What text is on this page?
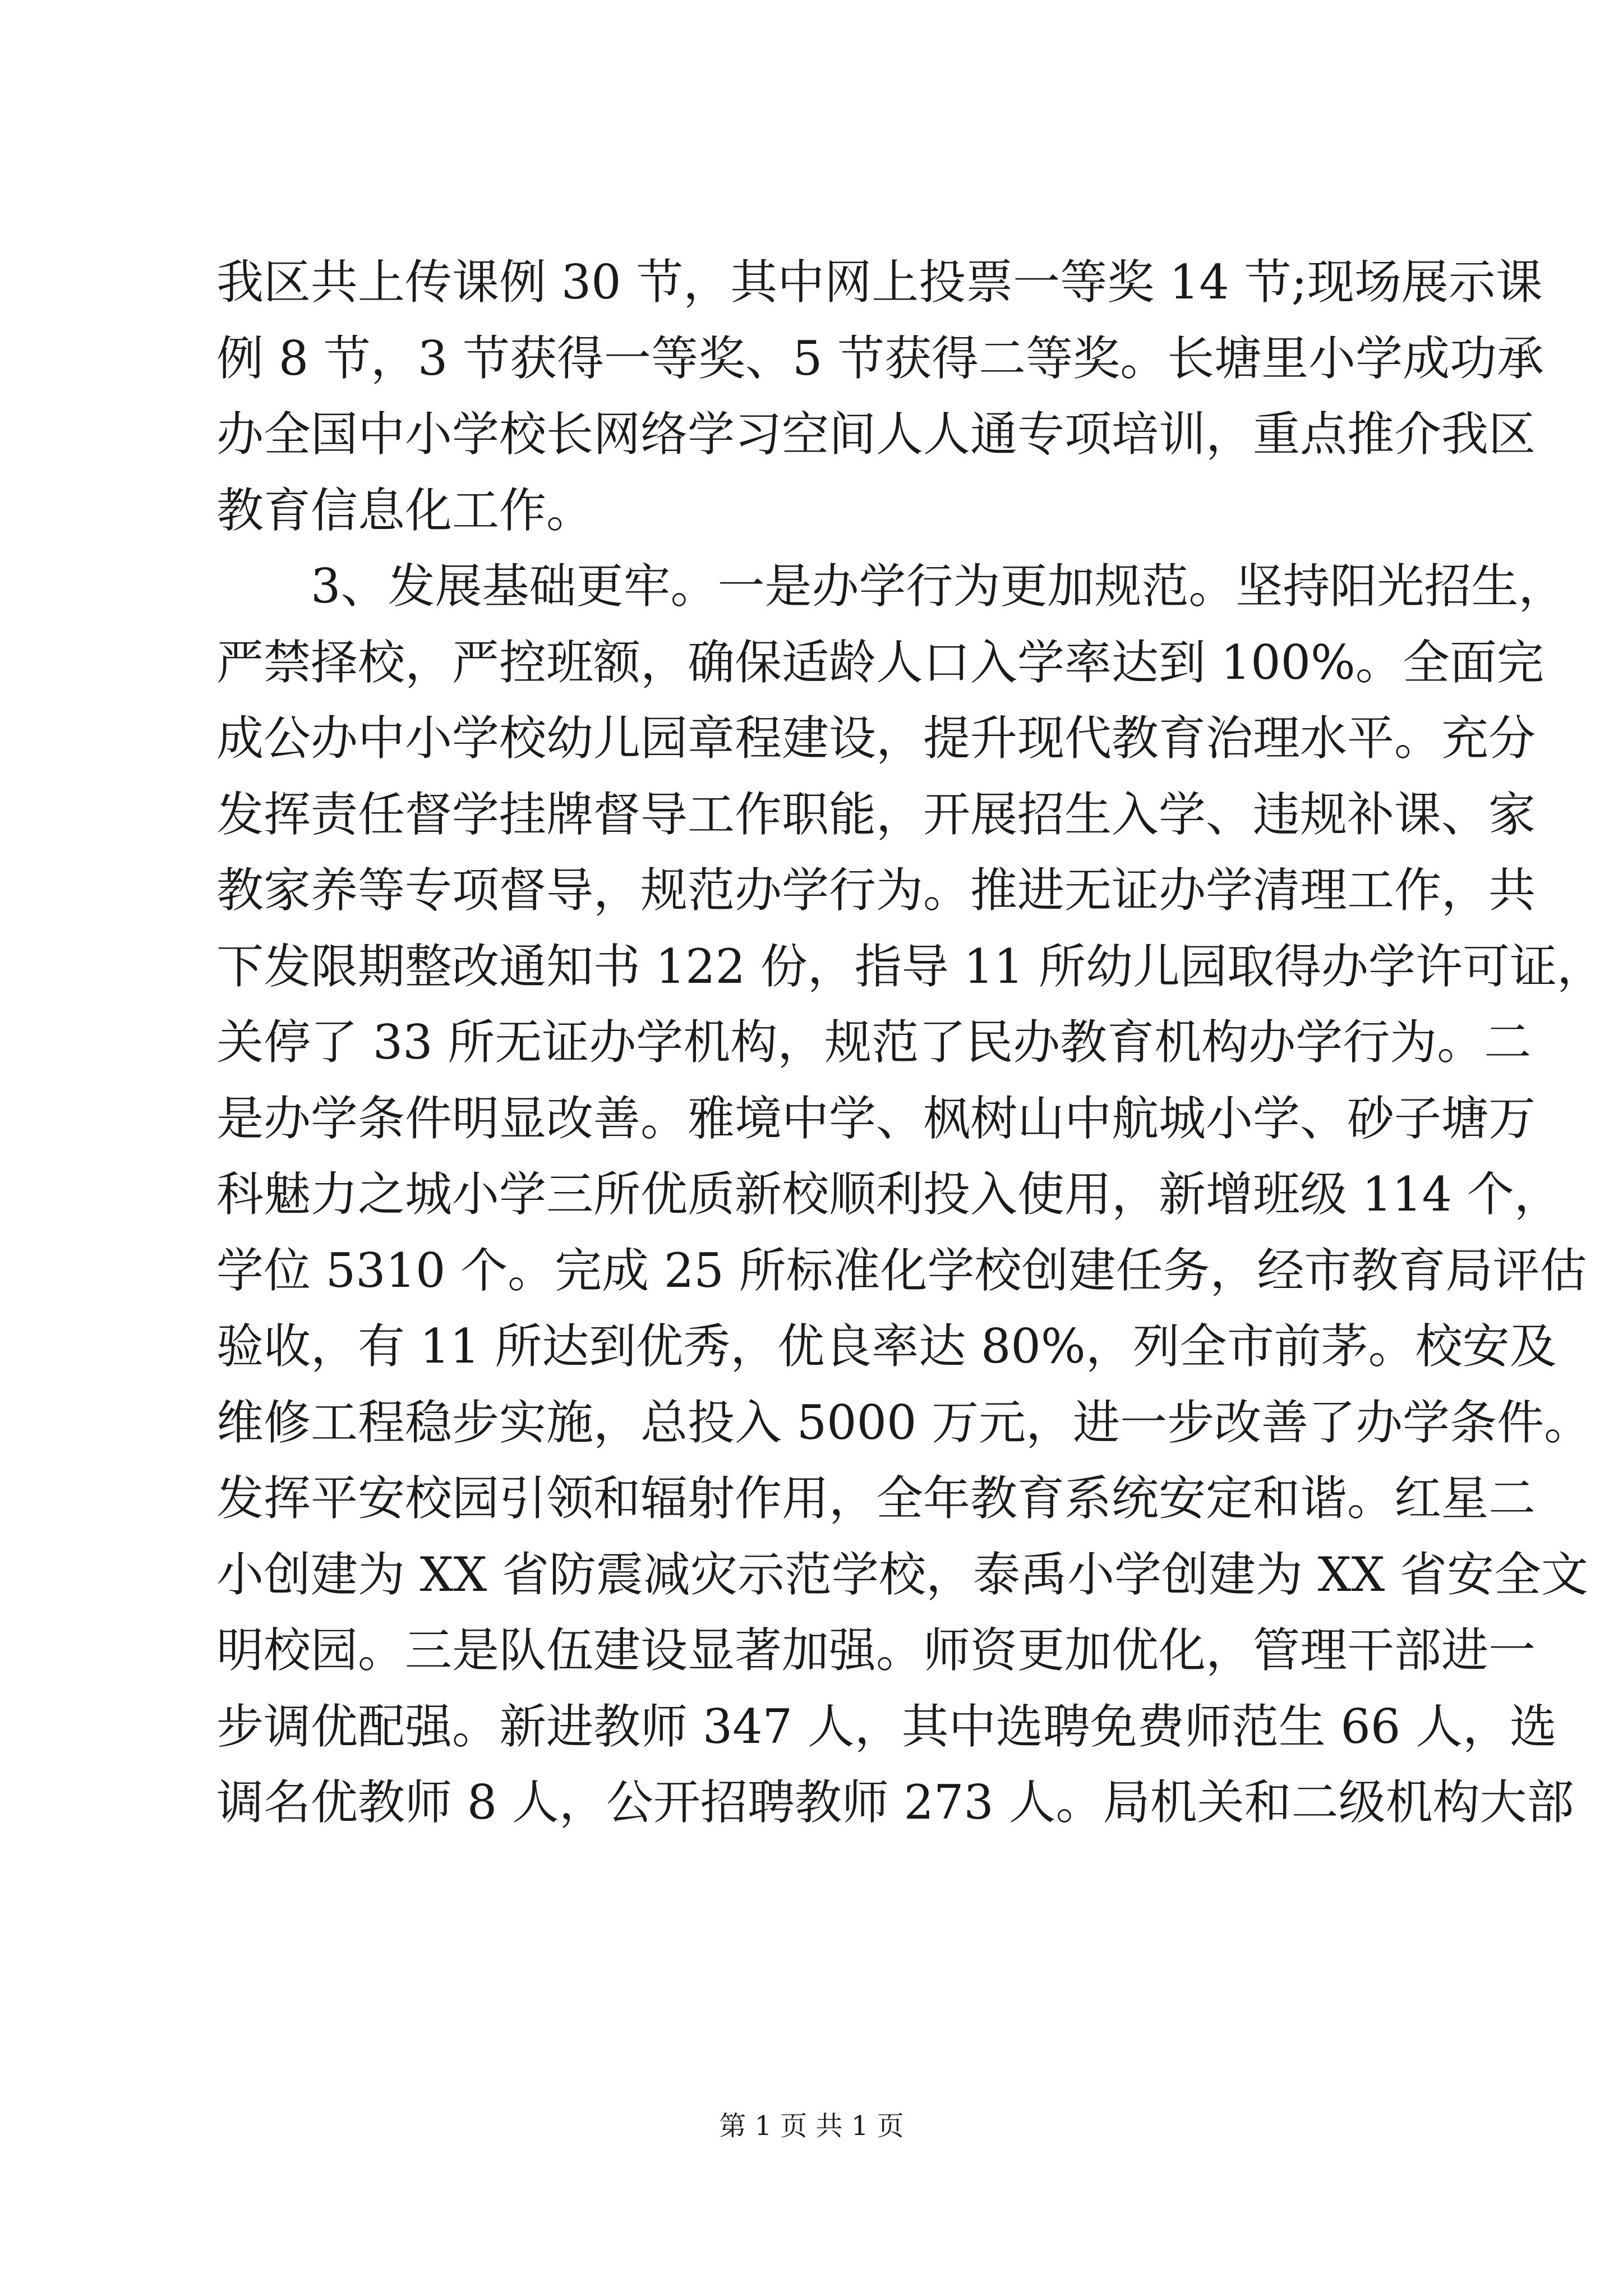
我区共上传课例 30 节，其中网上投票一等奖 14 节;现场展示课
例 8 节，3 节获得一等奖、5 节获得二等奖。长塘里小学成功承
办全国中小学校长网络学习空间人人通专项培训，重点推介我区
教育信息化工作。
3、发展基础更牢。一是办学行为更加规范。坚持阳光招生，
严禁择校，严控班额，确保适龄人口入学率达到 100%。全面完
成公办中小学校幼儿园章程建设，提升现代教育治理水平。充分
发挥责任督学挂牌督导工作职能，开展招生入学、违规补课、家
教家养等专项督导，规范办学行为。推进无证办学清理工作，共
下发限期整改通知书 122 份，指导 11 所幼儿园取得办学许可证，
关停了 33 所无证办学机构，规范了民办教育机构办学行为。二
是办学条件明显改善。雅境中学、枫树山中航城小学、砂子塘万
科魅力之城小学三所优质新校顺利投入使用，新增班级 114 个，
学位 5310 个。完成 25 所标准化学校创建任务，经市教育局评估
验收，有 11 所达到优秀，优良率达 80%，列全市前茅。校安及
维修工程稳步实施，总投入 5000 万元，进一步改善了办学条件。
发挥平安校园引领和辐射作用，全年教育系统安定和谐。红星二
小创建为 XX 省防震减灾示范学校，泰禹小学创建为 XX 省安全文
明校园。三是队伍建设显著加强。师资更加优化，管理干部进一
步调优配强。新进教师 347 人，其中选聘免费师范生 66 人，选
调名优教师 8 人，公开招聘教师 273 人。局机关和二级机构大部
第 1 页 共 1 页
